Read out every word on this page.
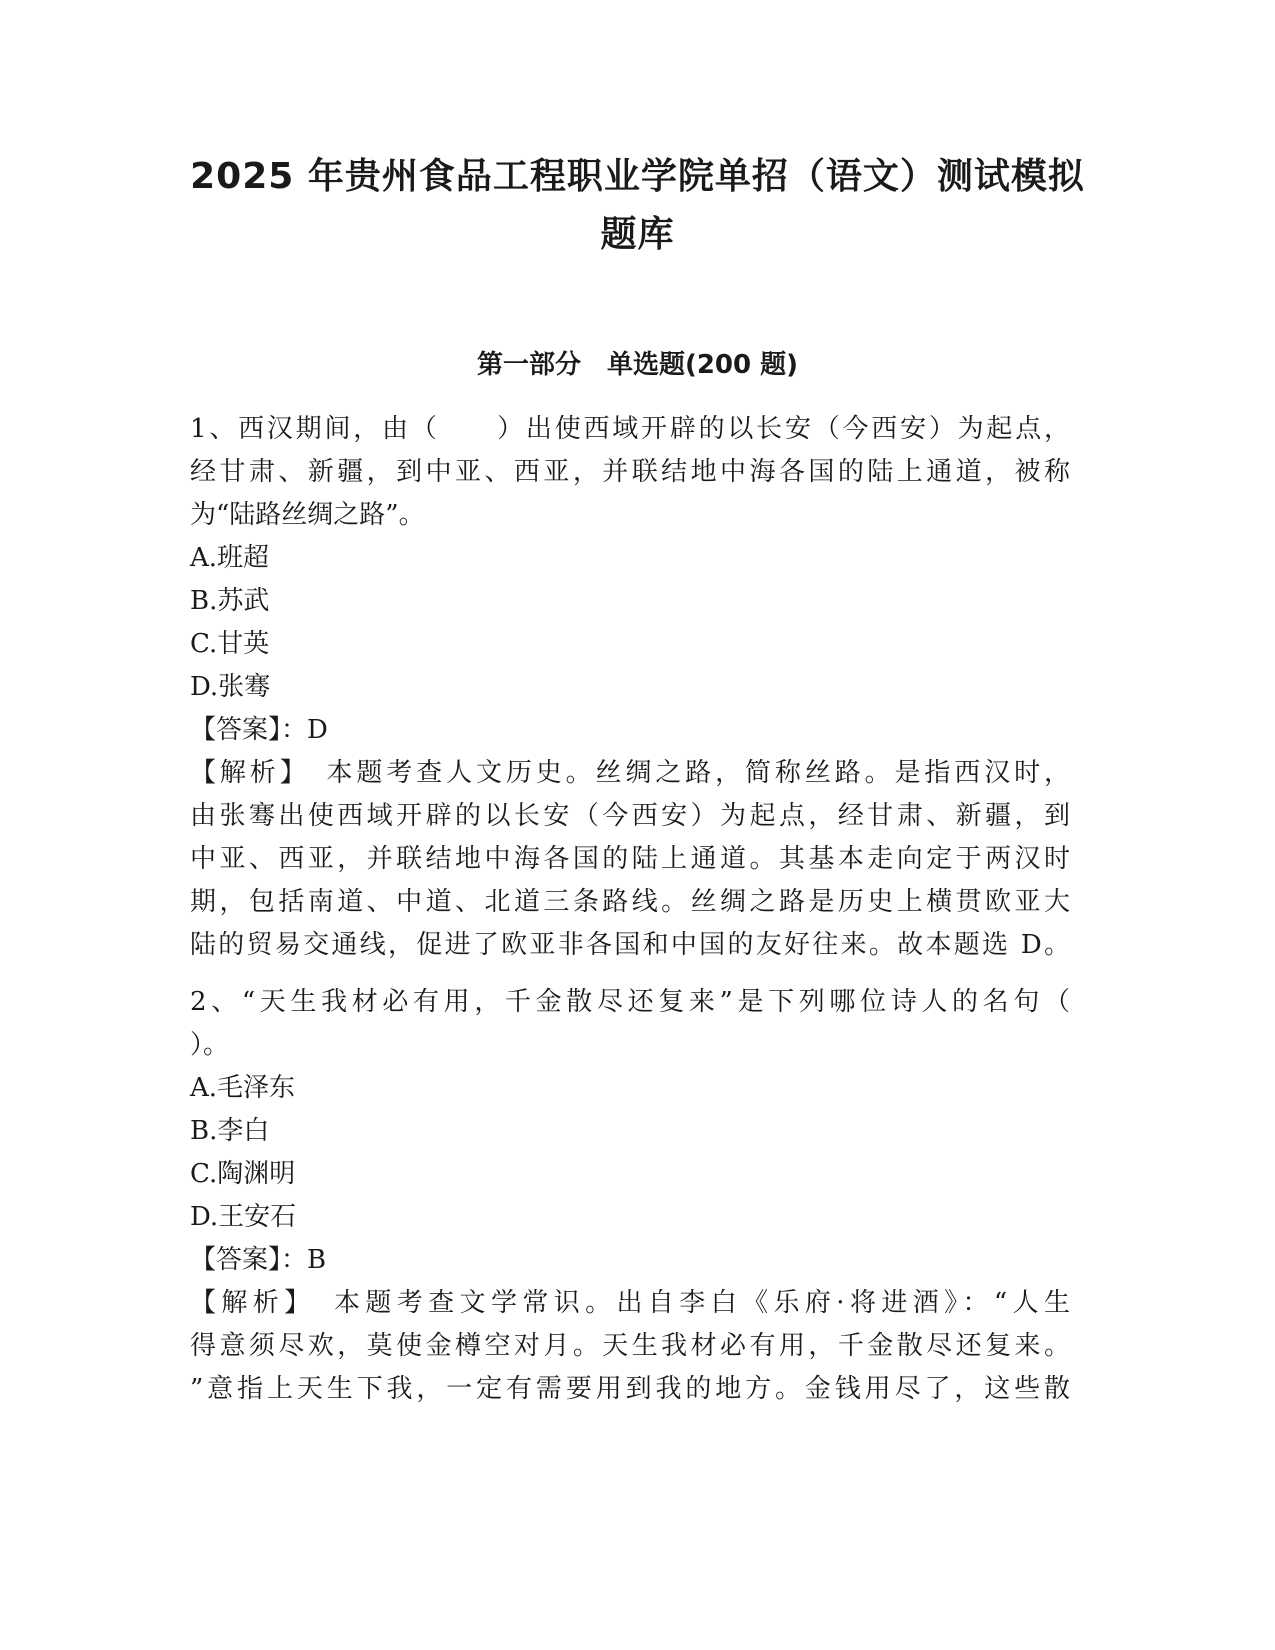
2025 年贵州食品工程职业学院单招（语文）测试模拟
题库
第一部分　单选题(200 题)
1、西汉期间，由（　　）出使西域开辟的以长安（今西安）为起点，
经甘肃、新疆，到中亚、西亚，并联结地中海各国的陆上通道，被称
为“陆路丝绸之路”。
A.班超
B.苏武
C.甘英
D.张骞
【答案】：D
【解析】　本题考查人文历史。丝绸之路，简称丝路。是指西汉时，
由张骞出使西域开辟的以长安（今西安）为起点，经甘肃、新疆，到
中亚、西亚，并联结地中海各国的陆上通道。其基本走向定于两汉时
期，包括南道、中道、北道三条路线。丝绸之路是历史上横贯欧亚大
陆的贸易交通线，促进了欧亚非各国和中国的友好往来。故本题选 D。
2、“天生我材必有用，千金散尽还复来”是下列哪位诗人的名句（
）。
A.毛泽东
B.李白
C.陶渊明
D.王安石
【答案】：B
【解析】　本题考查文学常识。出自李白《乐府·将进酒》：“人生
得意须尽欢，莫使金樽空对月。天生我材必有用，千金散尽还复来。
”意指上天生下我，一定有需要用到我的地方。金钱用尽了，这些散
